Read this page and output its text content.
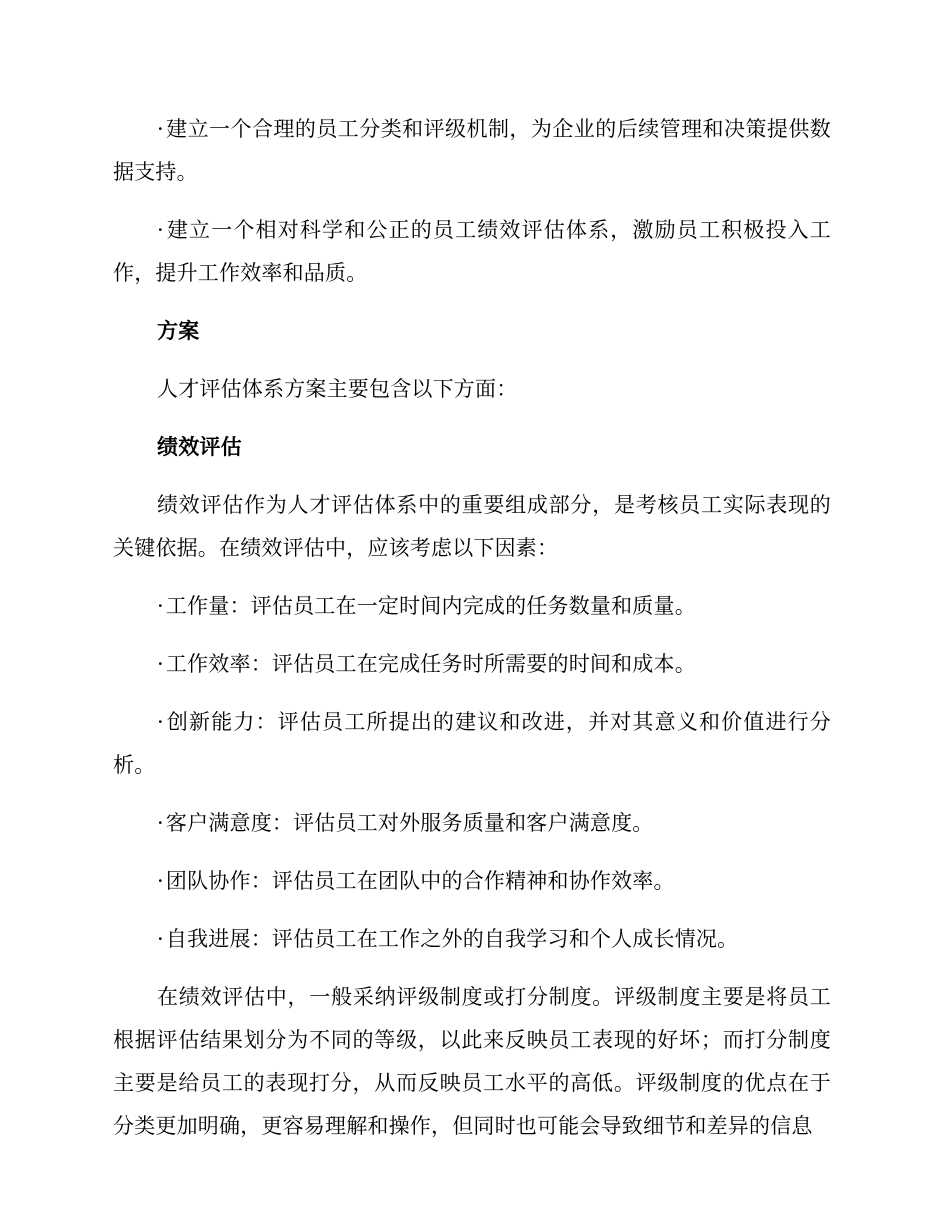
·建立一个合理的员工分类和评级机制，为企业的后续管理和决策提供数据支持。

·建立一个相对科学和公正的员工绩效评估体系，激励员工积极投入工作，提升工作效率和品质。

方案

人才评估体系方案主要包含以下方面：

绩效评估

绩效评估作为人才评估体系中的重要组成部分，是考核员工实际表现的关键依据。在绩效评估中，应该考虑以下因素：

·工作量：评估员工在一定时间内完成的任务数量和质量。

·工作效率：评估员工在完成任务时所需要的时间和成本。

·创新能力：评估员工所提出的建议和改进，并对其意义和价值进行分析。

·客户满意度：评估员工对外服务质量和客户满意度。

·团队协作：评估员工在团队中的合作精神和协作效率。

·自我进展：评估员工在工作之外的自我学习和个人成长情况。

在绩效评估中，一般采纳评级制度或打分制度。评级制度主要是将员工根据评估结果划分为不同的等级，以此来反映员工表现的好坏；而打分制度主要是给员工的表现打分，从而反映员工水平的高低。评级制度的优点在于分类更加明确，更容易理解和操作，但同时也可能会导致细节和差异的信息
